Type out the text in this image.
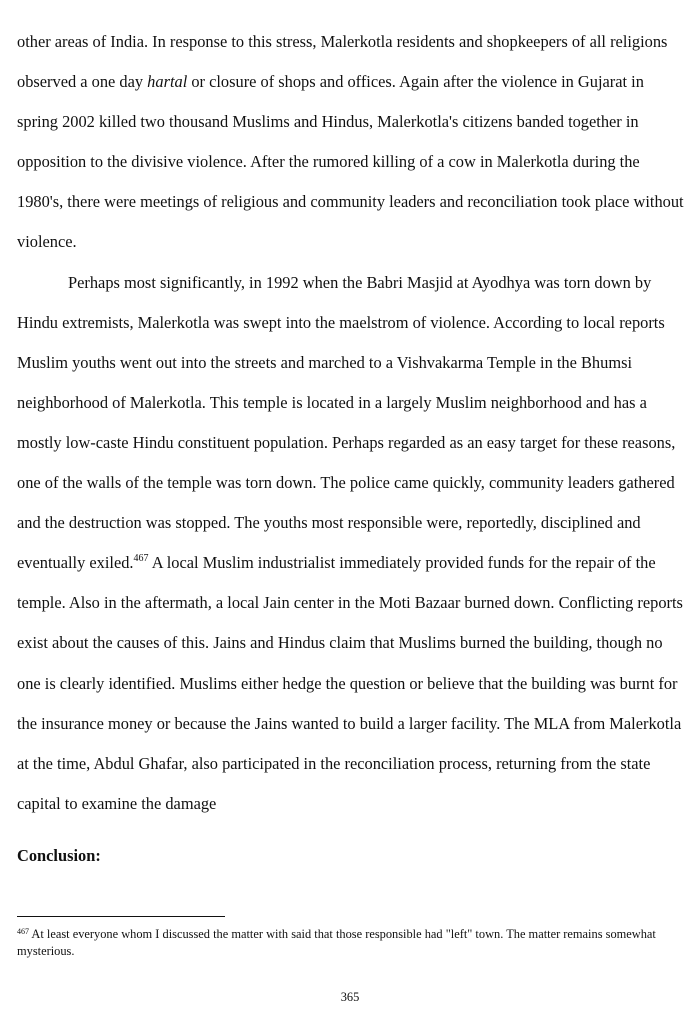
other areas of India. In response to this stress, Malerkotla residents and shopkeepers of all religions observed a one day hartal or closure of shops and offices. Again after the violence in Gujarat in spring 2002 killed two thousand Muslims and Hindus, Malerkotla's citizens banded together in opposition to the divisive violence. After the rumored killing of a cow in Malerkotla during the 1980's, there were meetings of religious and community leaders and reconciliation took place without violence.

Perhaps most significantly, in 1992 when the Babri Masjid at Ayodhya was torn down by Hindu extremists, Malerkotla was swept into the maelstrom of violence. According to local reports Muslim youths went out into the streets and marched to a Vishvakarma Temple in the Bhumsi neighborhood of Malerkotla. This temple is located in a largely Muslim neighborhood and has a mostly low-caste Hindu constituent population. Perhaps regarded as an easy target for these reasons, one of the walls of the temple was torn down. The police came quickly, community leaders gathered and the destruction was stopped. The youths most responsible were, reportedly, disciplined and eventually exiled.$^{467}$ A local Muslim industrialist immediately provided funds for the repair of the temple. Also in the aftermath, a local Jain center in the Moti Bazaar burned down. Conflicting reports exist about the causes of this. Jains and Hindus claim that Muslims burned the building, though no one is clearly identified. Muslims either hedge the question or believe that the building was burnt for the insurance money or because the Jains wanted to build a larger facility. The MLA from Malerkotla at the time, Abdul Ghafar, also participated in the reconciliation process, returning from the state capital to examine the damage

Conclusion:

$^{467}$ At least everyone whom I discussed the matter with said that those responsible had "left" town. The matter remains somewhat mysterious.

365
